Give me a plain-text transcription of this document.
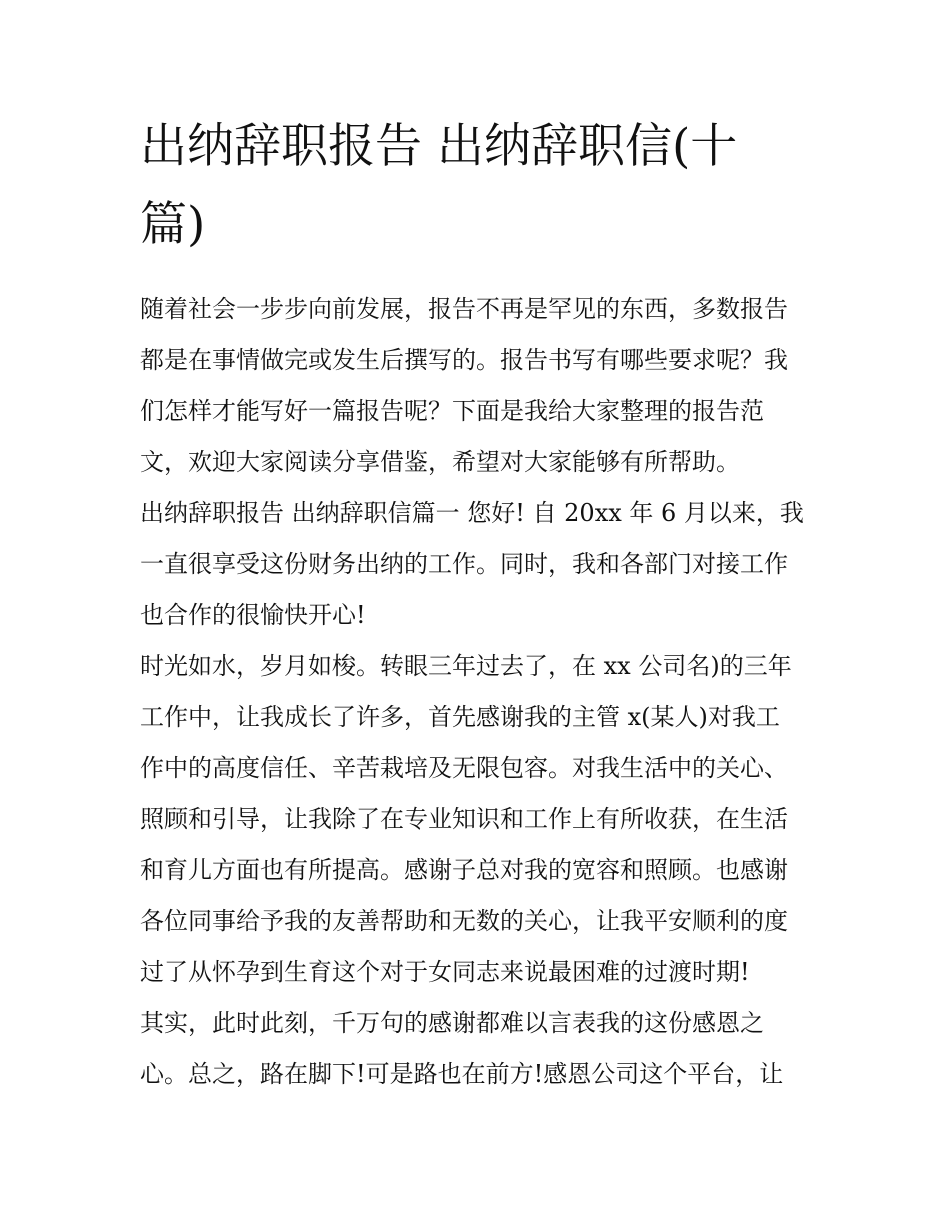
出纳辞职报告 出纳辞职信(十
篇)
随着社会一步步向前发展，报告不再是罕见的东西，多数报告
都是在事情做完或发生后撰写的。报告书写有哪些要求呢？我
们怎样才能写好一篇报告呢？下面是我给大家整理的报告范
文，欢迎大家阅读分享借鉴，希望对大家能够有所帮助。
出纳辞职报告 出纳辞职信篇一 您好! 自 20xx 年 6 月以来，我
一直很享受这份财务出纳的工作。同时，我和各部门对接工作
也合作的很愉快开心!
时光如水，岁月如梭。转眼三年过去了，在 xx 公司名)的三年
工作中，让我成长了许多，首先感谢我的主管 x(某人)对我工
作中的高度信任、辛苦栽培及无限包容。对我生活中的关心、
照顾和引导，让我除了在专业知识和工作上有所收获，在生活
和育儿方面也有所提高。感谢子总对我的宽容和照顾。也感谢
各位同事给予我的友善帮助和无数的关心，让我平安顺利的度
过了从怀孕到生育这个对于女同志来说最困难的过渡时期!
其实，此时此刻，千万句的感谢都难以言表我的这份感恩之
心。总之，路在脚下!可是路也在前方!感恩公司这个平台，让
